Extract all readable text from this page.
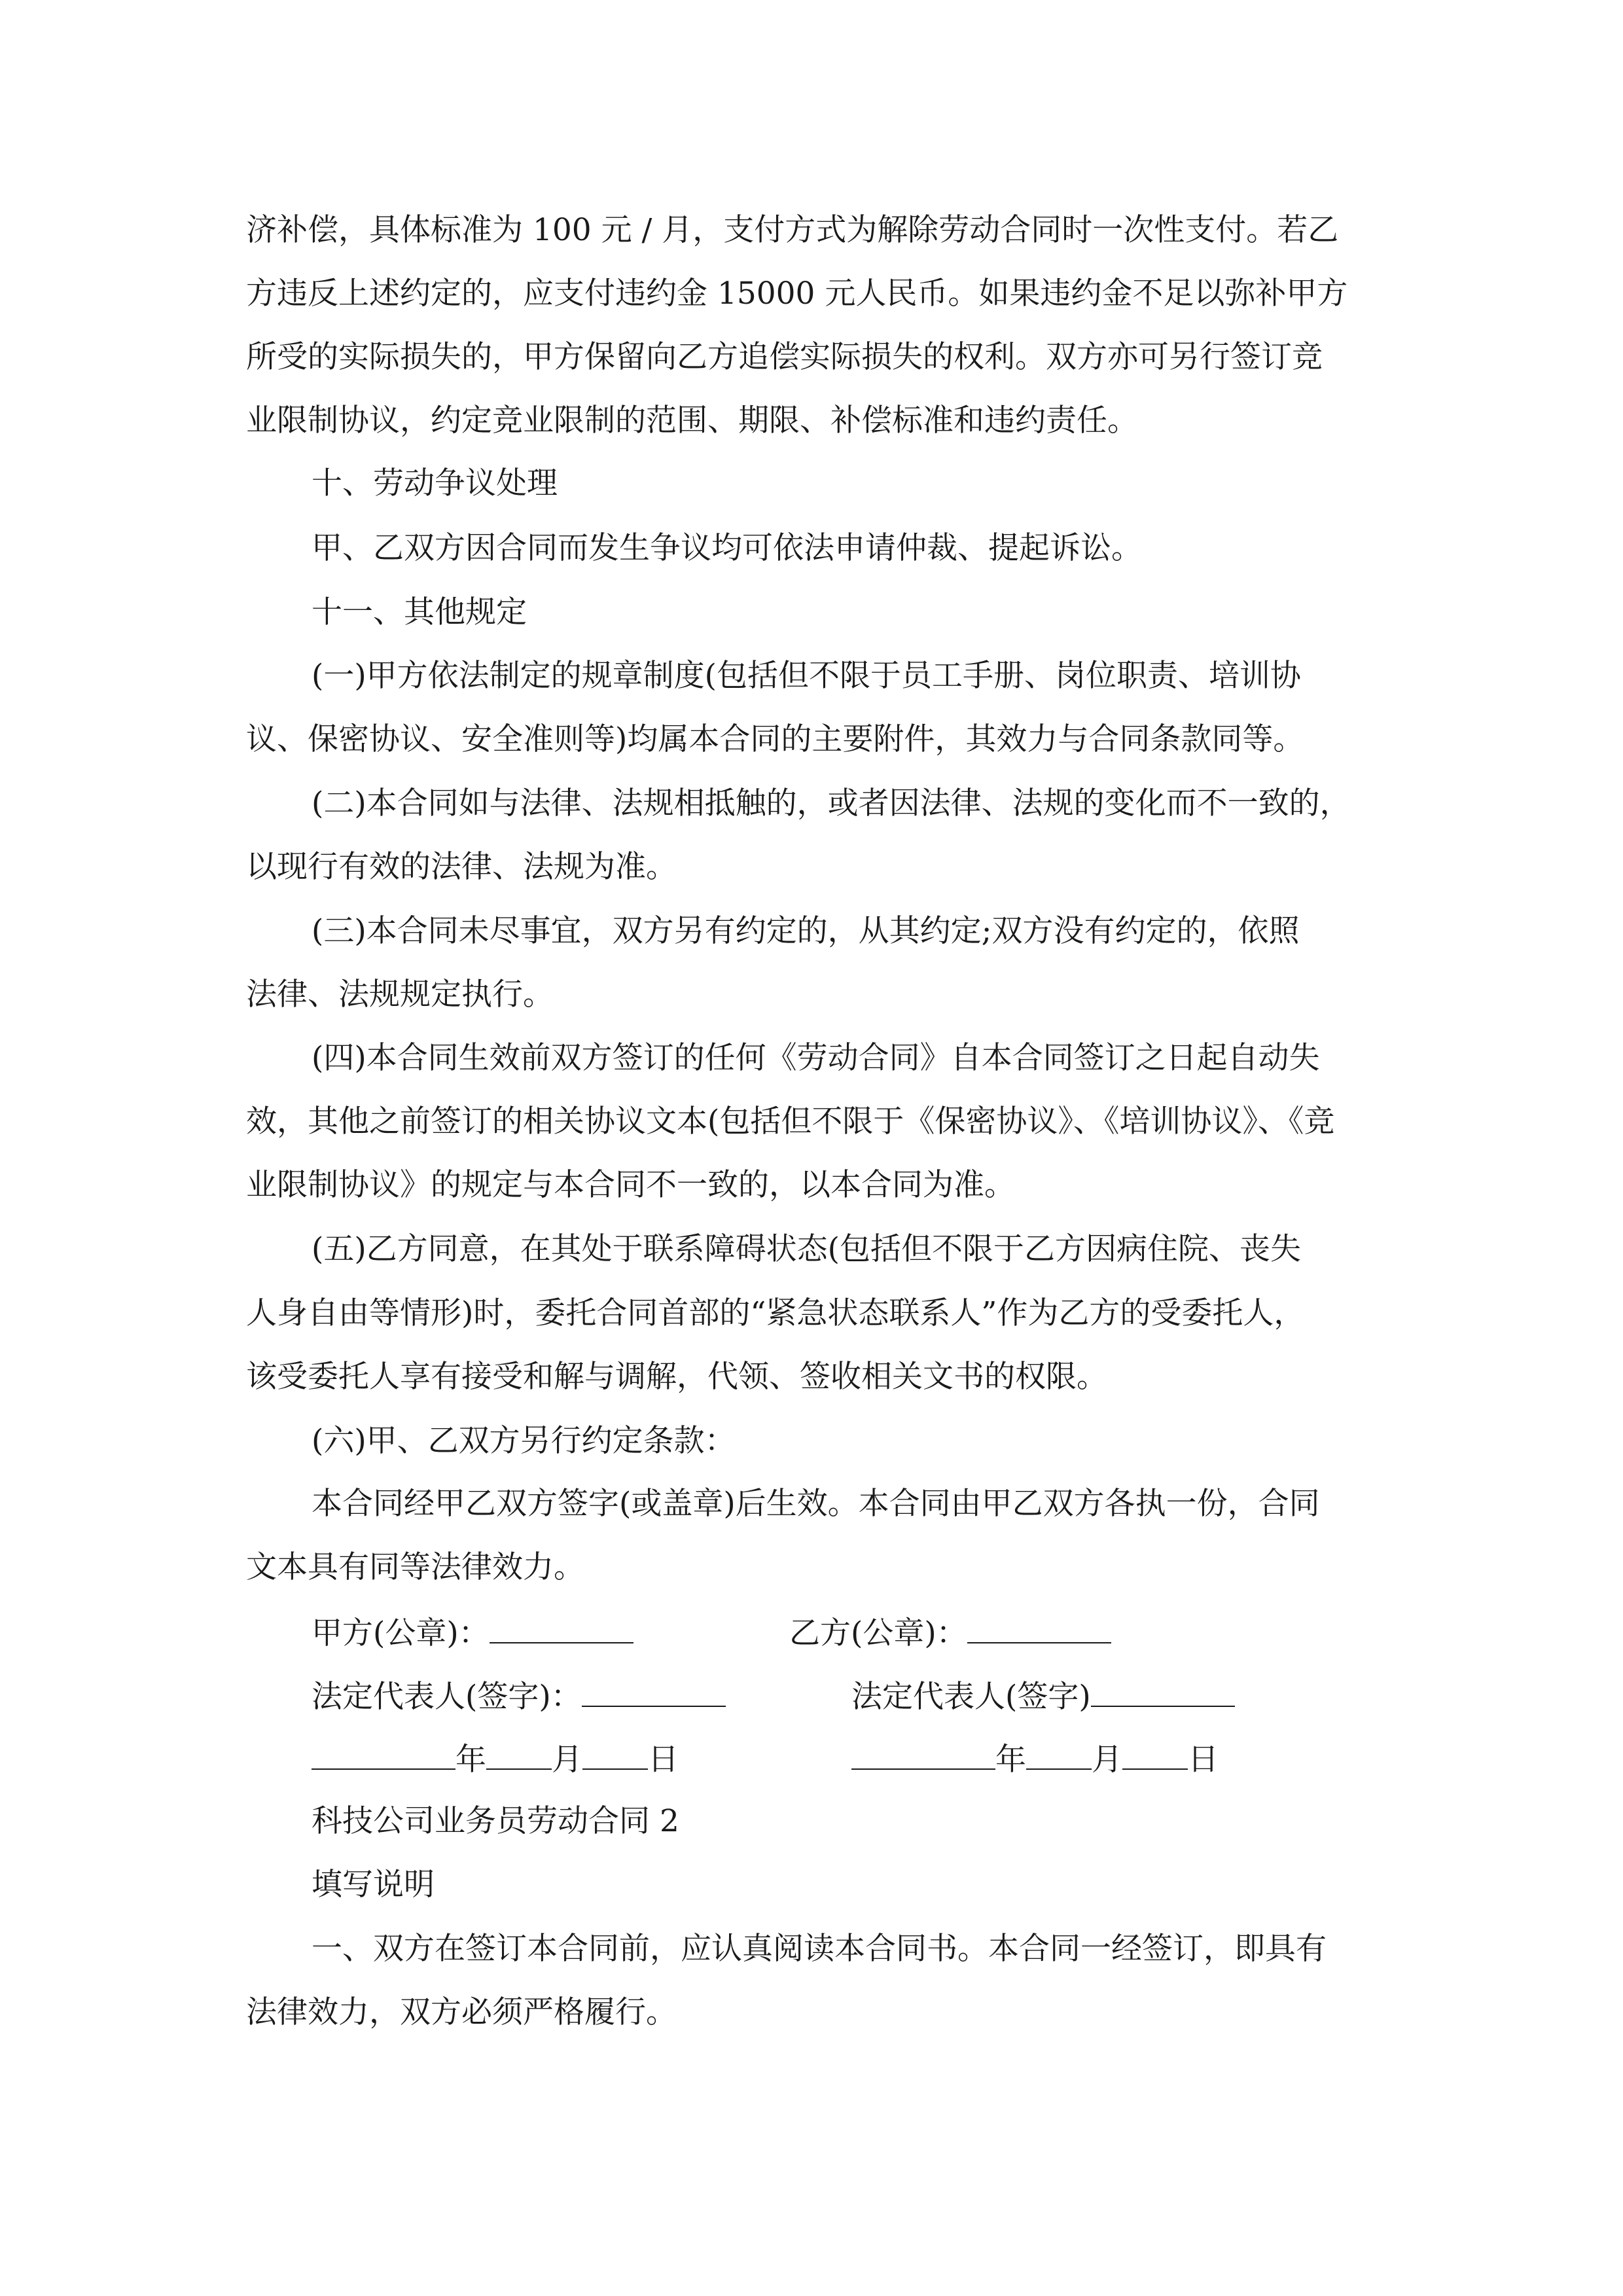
济补偿，具体标准为 100 元 / 月，支付方式为解除劳动合同时一次性支付。若乙
方违反上述约定的，应支付违约金 15000 元人民币。如果违约金不足以弥补甲方
所受的实际损失的，甲方保留向乙方追偿实际损失的权利。双方亦可另行签订竞
业限制协议，约定竞业限制的范围、期限、补偿标准和违约责任。
十、劳动争议处理
甲、乙双方因合同而发生争议均可依法申请仲裁、提起诉讼。
十一、其他规定
(一)甲方依法制定的规章制度(包括但不限于员工手册、岗位职责、培训协
议、保密协议、安全准则等)均属本合同的主要附件，其效力与合同条款同等。
(二)本合同如与法律、法规相抵触的，或者因法律、法规的变化而不一致的，
以现行有效的法律、法规为准。
(三)本合同未尽事宜，双方另有约定的，从其约定;双方没有约定的，依照
法律、法规规定执行。
(四)本合同生效前双方签订的任何《劳动合同》自本合同签订之日起自动失
效，其他之前签订的相关协议文本(包括但不限于《保密协议》、《培训协议》、《竞
业限制协议》的规定与本合同不一致的，以本合同为准。
(五)乙方同意，在其处于联系障碍状态(包括但不限于乙方因病住院、丧失
人身自由等情形)时，委托合同首部的“紧急状态联系人”作为乙方的受委托人，
该受委托人享有接受和解与调解，代领、签收相关文书的权限。
(六)甲、乙双方另行约定条款：
本合同经甲乙双方签字(或盖章)后生效。本合同由甲乙双方各执一份，合同
文本具有同等法律效力。
甲方(公章)：	乙方(公章)：
法定代表人(签字)：	法定代表人(签字)
年 月 日	年 月 日
科技公司业务员劳动合同 2
填写说明
一、双方在签订本合同前，应认真阅读本合同书。本合同一经签订，即具有
法律效力，双方必须严格履行。
